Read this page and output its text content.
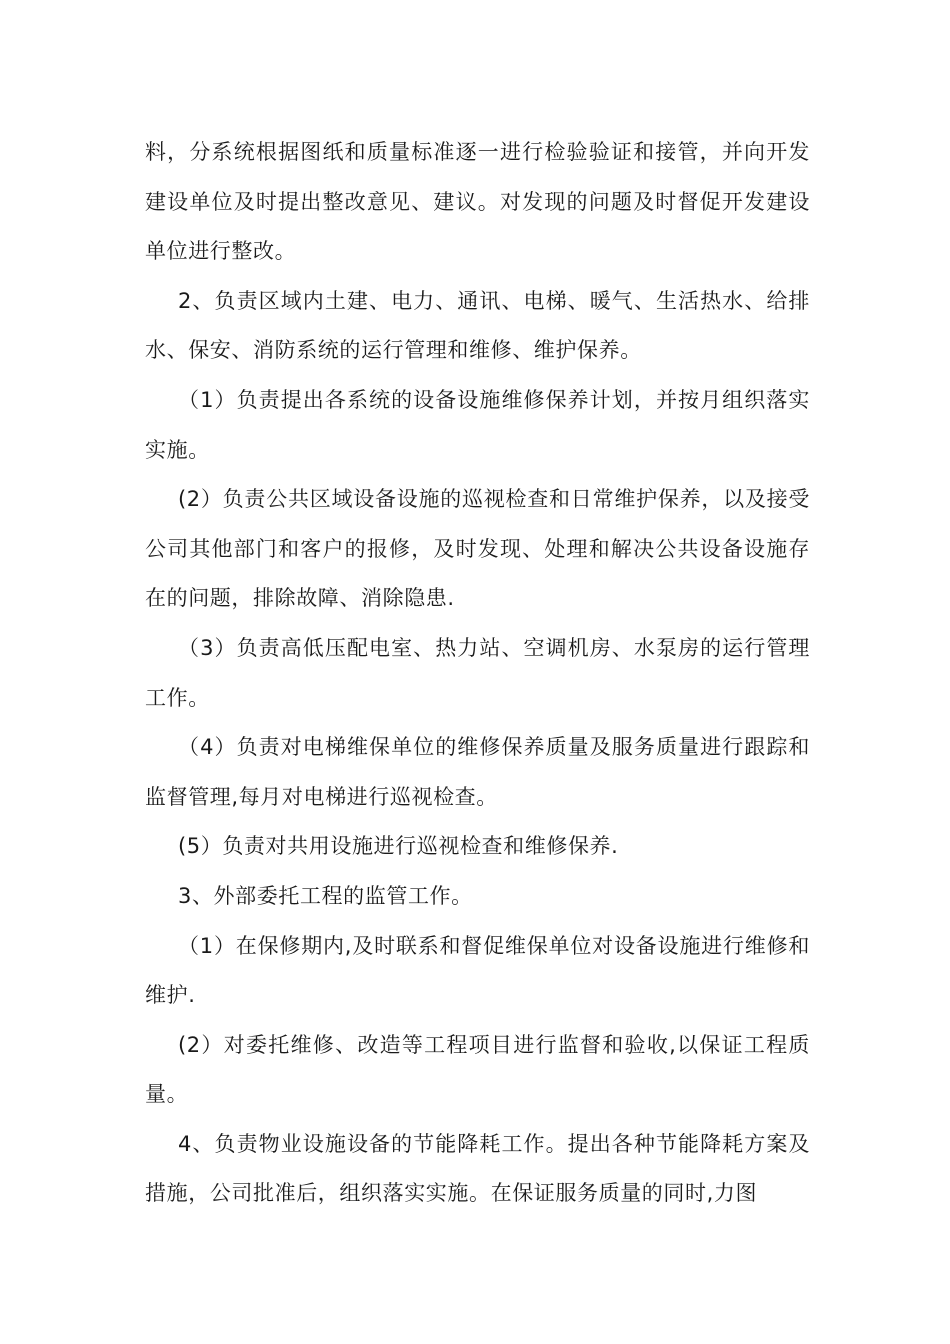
料，分系统根据图纸和质量标准逐一进行检验验证和接管，并向开发建设单位及时提出整改意见、建议。对发现的问题及时督促开发建设单位进行整改。

2、负责区域内土建、电力、通讯、电梯、暖气、生活热水、给排水、保安、消防系统的运行管理和维修、维护保养。

（1）负责提出各系统的设备设施维修保养计划，并按月组织落实实施。

(2）负责公共区域设备设施的巡视检查和日常维护保养，以及接受公司其他部门和客户的报修，及时发现、处理和解决公共设备设施存在的问题，排除故障、消除隐患.

（3）负责高低压配电室、热力站、空调机房、水泵房的运行管理工作。

（4）负责对电梯维保单位的维修保养质量及服务质量进行跟踪和监督管理,每月对电梯进行巡视检查。

(5）负责对共用设施进行巡视检查和维修保养.

3、外部委托工程的监管工作。

（1）在保修期内,及时联系和督促维保单位对设备设施进行维修和维护.

(2）对委托维修、改造等工程项目进行监督和验收,以保证工程质量。

4、负责物业设施设备的节能降耗工作。提出各种节能降耗方案及措施，公司批准后，组织落实实施。在保证服务质量的同时,力图
